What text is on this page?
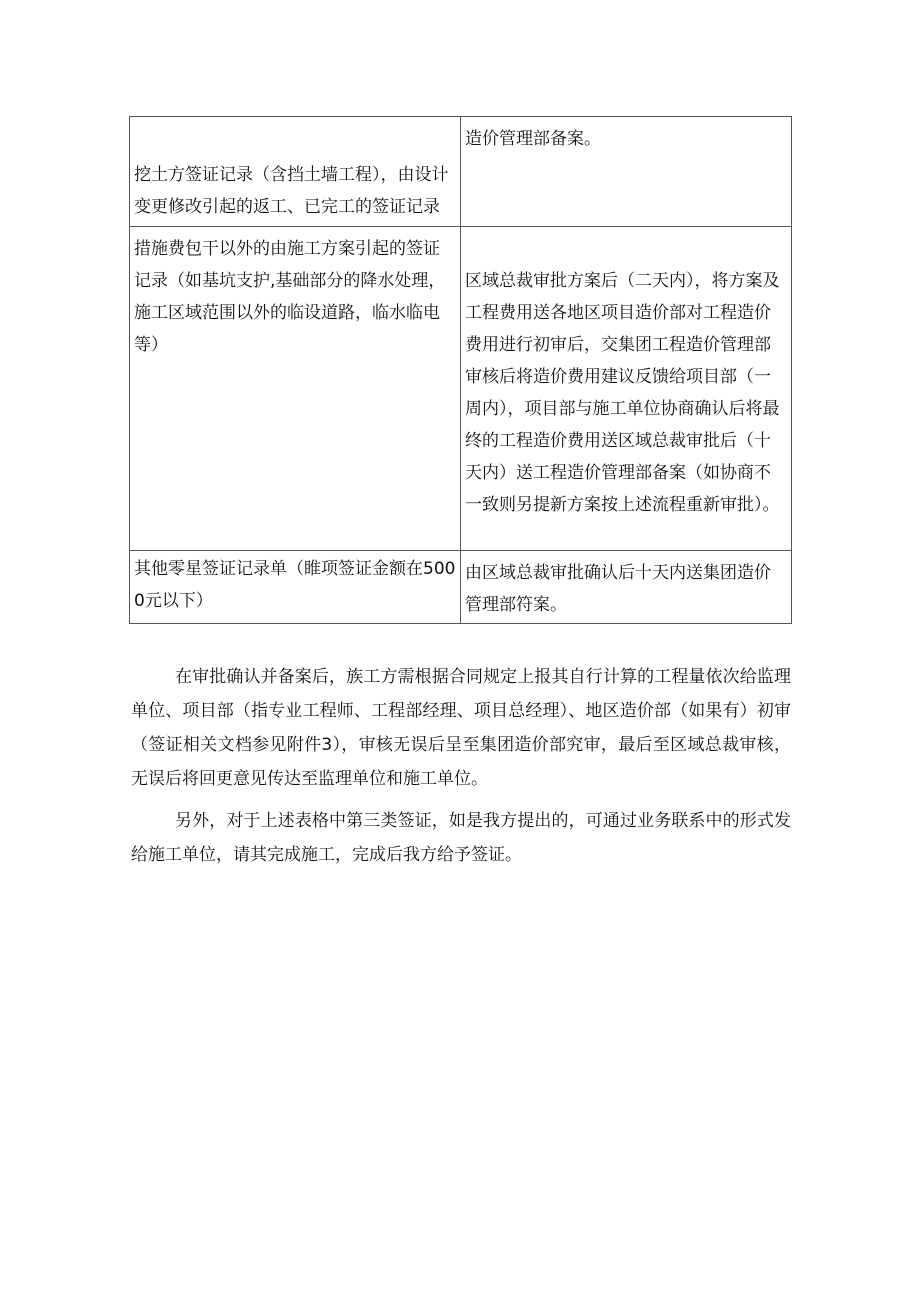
挖土方签证记录（含挡土墙工程），由设计变更修改引起的返工、已完工的签证记录	造价管理部备案。

措施费包干以外的由施工方案引起的签证记录（如基坑支护,基础部分的降水处理，施工区域范围以外的临设道路，临水临电等）	区域总裁审批方案后（二天内），将方案及工程费用送各地区项目造价部对工程造价费用进行初审后，交集团工程造价管理部审核后将造价费用建议反馈给项目部（一周内），项目部与施工单位协商确认后将最终的工程造价费用送区域总裁审批后（十天内）送工程造价管理部备案（如协商不一致则另提新方案按上述流程重新审批）。

其他零星签证记录单（睢项签证金额在5000元以下）	由区域总裁审批确认后十天内送集团造价管理部符案。

在审批确认并备案后，族工方需根据合同规定上报其自行计算的工程量依次给监理单位、项目部（指专业工程师、工程部经理、项目总经理）、地区造价部（如果有）初审（签证相关文档参见附件3），审核无误后呈至集团造价部究审，最后至区域总裁审核，无误后将回更意见传达至监理单位和施工单位。

另外，对于上述表格中第三类签证，如是我方提出的，可通过业务联系中的形式发给施工单位，请其完成施工，完成后我方给予签证。
